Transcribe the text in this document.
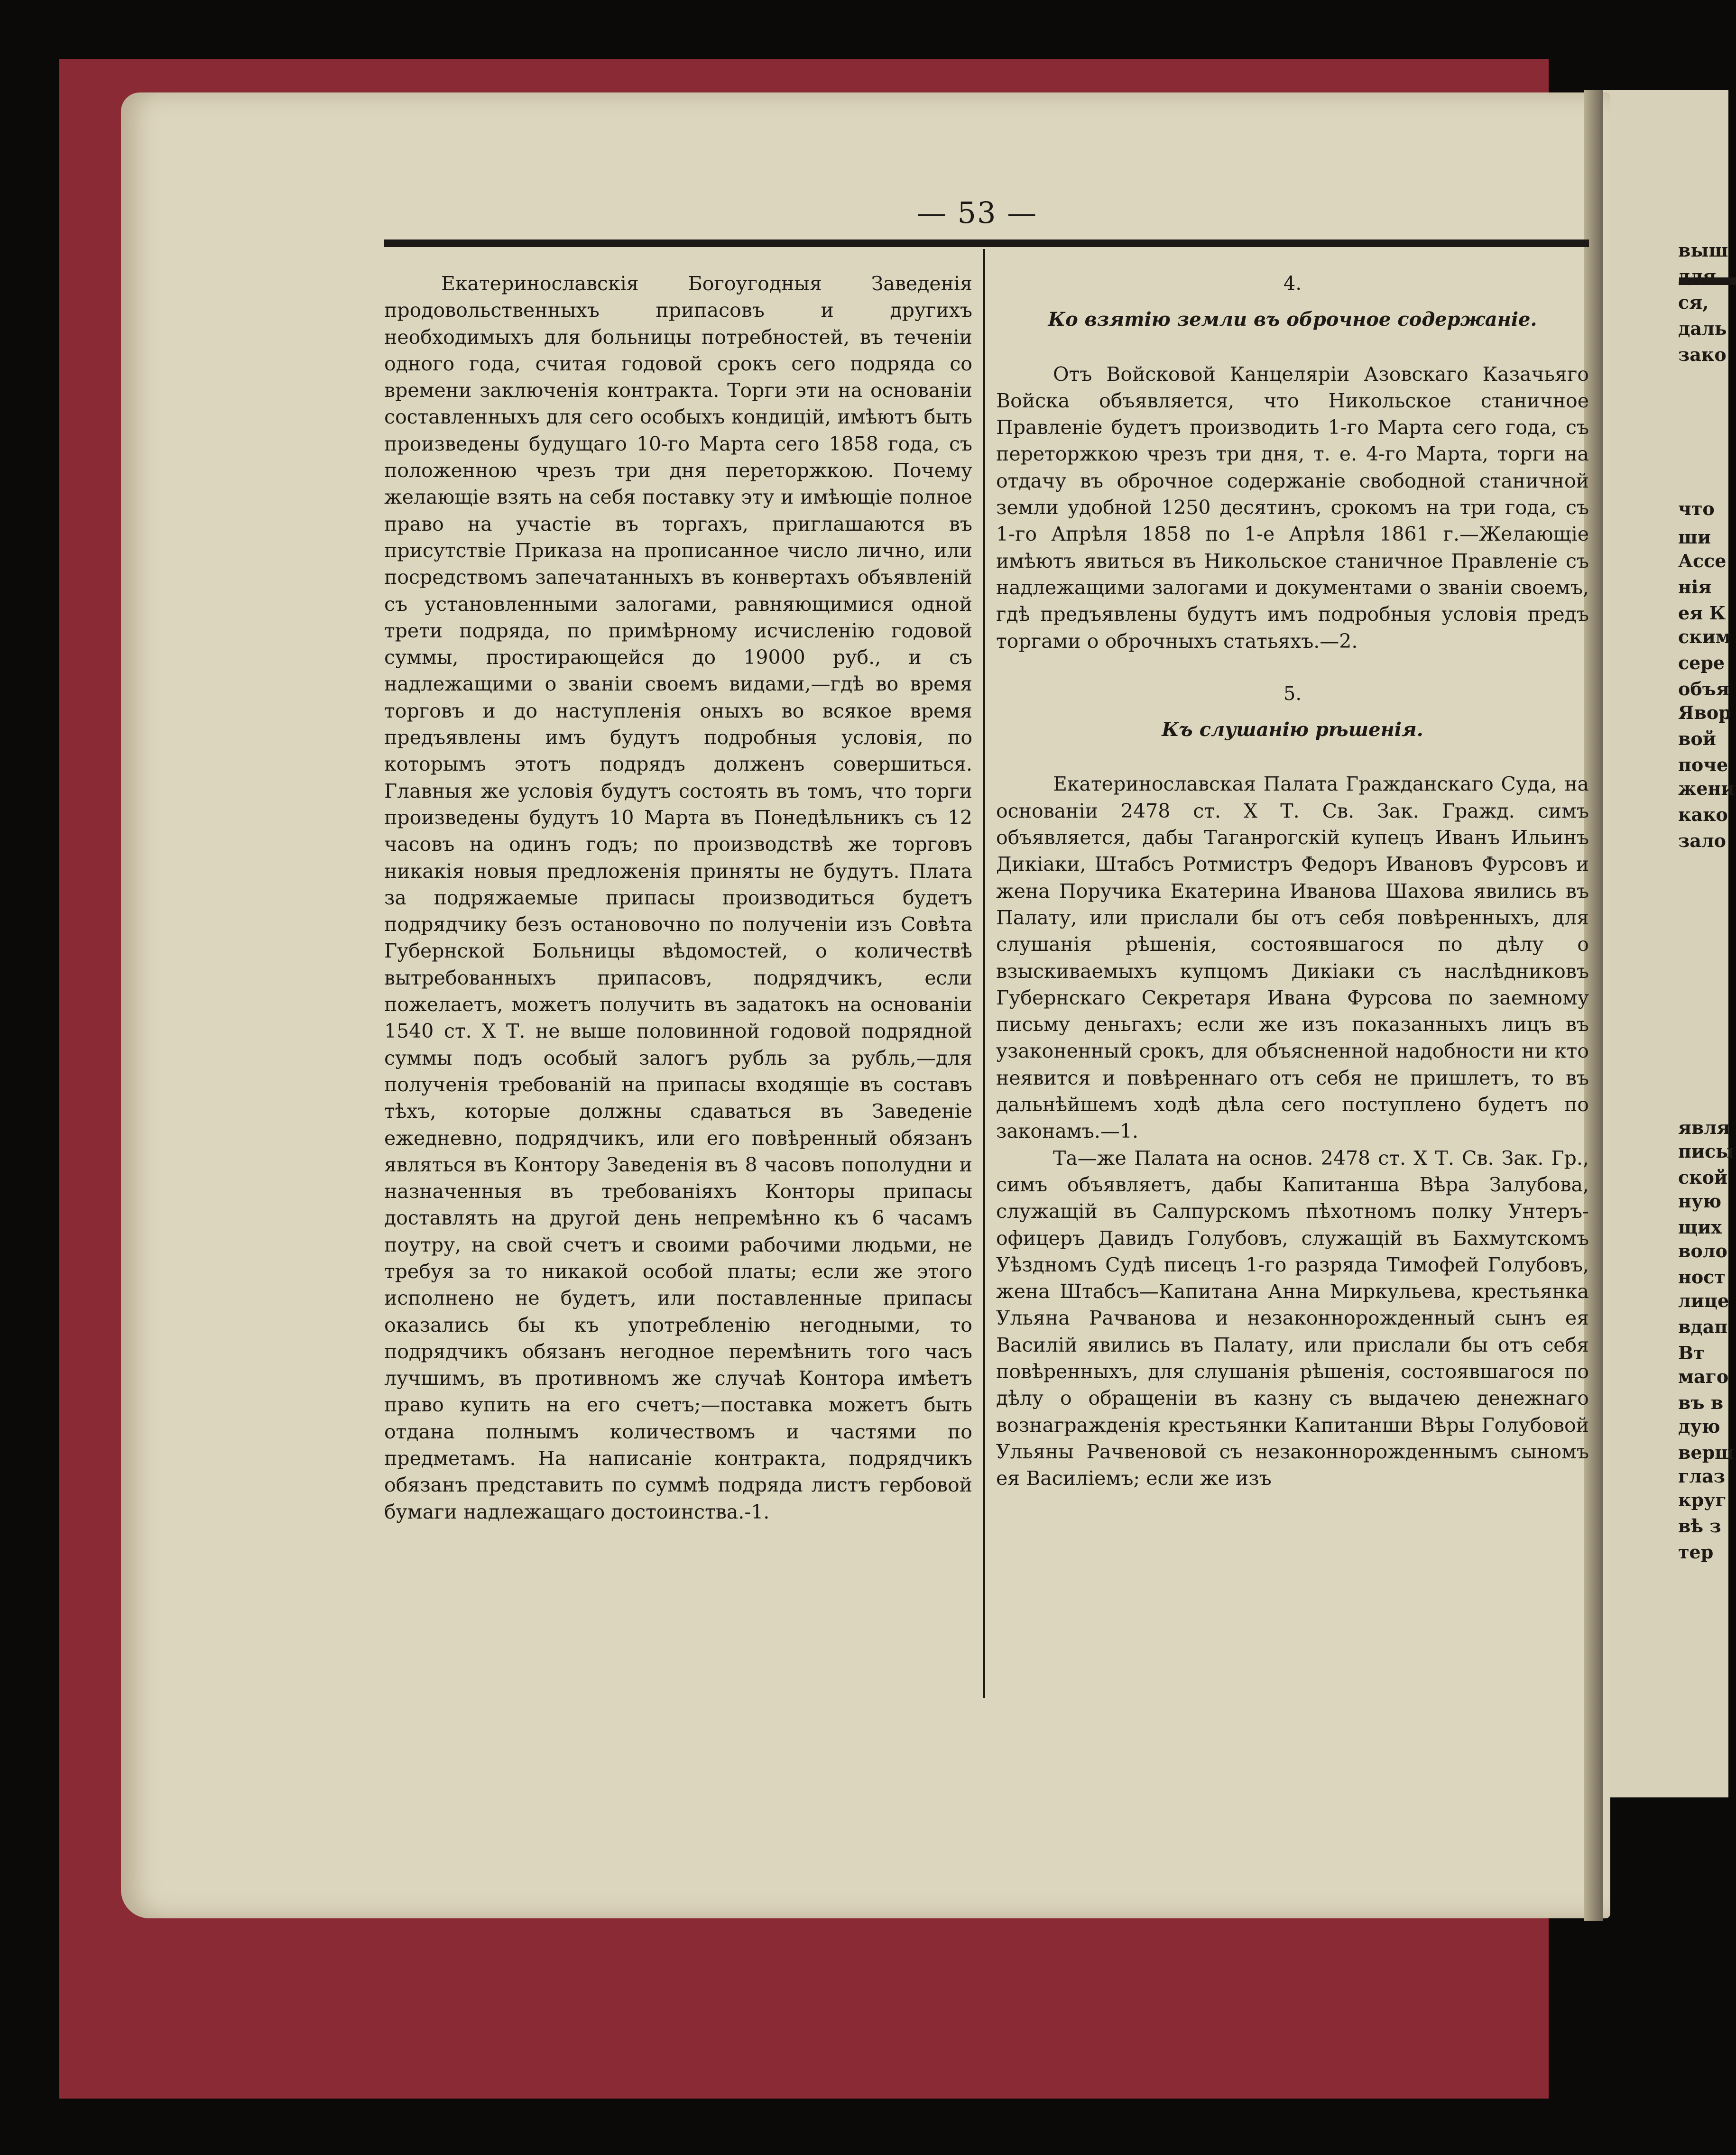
выш
для
ся,
даль
зако
что
ши
Ассе
нія
ея К
ским
сере
объя
Явор
вой
поче
жени
како
зало
явля
писы
ской
ную
щих
воло
ност
лице
вдап
Вт
маго
въ в
дую
верш
глаз
круг
вѣ з
тер
— 53 —

Екатеринославскія Богоугодныя Заведенія продовольственныхъ припасовъ и другихъ необходимыхъ для больницы потребностей, въ теченіи одного года, считая годовой срокъ сего подряда со времени заключенія контракта. Торги эти на основаніи составленныхъ для сего особыхъ кондицій, имѣютъ быть произведены будущаго 10-го Марта сего 1858 года, съ положенною чрезъ три дня переторжкою. Почему желающіе взять на себя поставку эту и имѣющіе полное право на участіе въ торгахъ, приглашаются въ присутствіе Приказа на прописанное число лично, или посредствомъ запечатанныхъ въ конвертахъ объявленій съ установленными залогами, равняющимися одной трети подряда, по примѣрному исчисленію годовой суммы, простирающейся до 19000 руб., и съ надлежащими о званіи своемъ видами,—гдѣ во время торговъ и до наступленія оныхъ во всякое время предъявлены имъ будутъ подробныя условія, по которымъ этотъ подрядъ долженъ совершиться. Главныя же условія будутъ состоять въ томъ, что торги произведены будутъ 10 Марта въ Понедѣльникъ съ 12 часовъ на одинъ годъ; по производствѣ же торговъ никакія новыя предложенія приняты не будутъ. Плата за подряжаемые припасы производиться будетъ подрядчику безъ остановочно по полученіи изъ Совѣта Губернской Больницы вѣдомостей, о количествѣ вытребованныхъ припасовъ, подрядчикъ, если пожелаетъ, можетъ получить въ задатокъ на основаніи 1540 ст. X Т. не выше половинной годовой подрядной суммы подъ особый залогъ рубль за рубль,—для полученія требованій на припасы входящіе въ составъ тѣхъ, которые должны сдаваться въ Заведеніе ежедневно, подрядчикъ, или его повѣренный обязанъ являться въ Контору Заведенія въ 8 часовъ пополудни и назначенныя въ требованіяхъ Конторы припасы доставлять на другой день непремѣнно къ 6 часамъ поутру, на свой счетъ и своими рабочими людьми, не требуя за то никакой особой платы; если же этого исполнено не будетъ, или поставленные припасы оказались бы къ употребленію негодными, то подрядчикъ обязанъ негодное перемѣнить того часъ лучшимъ, въ противномъ же случаѣ Контора имѣетъ право купить на его счетъ;—поставка можетъ быть отдана полнымъ количествомъ и частями по предметамъ. На написаніе контракта, подрядчикъ обязанъ представить по суммѣ подряда листъ гербовой бумаги надлежащаго достоинства.-1.

4.
Ко взятію земли въ оброчное содержаніе.

Отъ Войсковой Канцеляріи Азовскаго Казачьяго Войска объявляется, что Никольское станичное Правленіе будетъ производить 1-го Марта сего года, съ переторжкою чрезъ три дня, т. е. 4-го Марта, торги на отдачу въ оброчное содержаніе свободной станичной земли удобной 1250 десятинъ, срокомъ на три года, съ 1-го Апрѣля 1858 по 1-е Апрѣля 1861 г.—Желающіе имѣютъ явиться въ Никольское станичное Правленіе съ надлежащими залогами и документами о званіи своемъ, гдѣ предъявлены будутъ имъ подробныя условія предъ торгами о оброчныхъ статьяхъ.—2.

5.
Къ слушанію рѣшенія.

Екатеринославская Палата Гражданскаго Суда, на основаніи 2478 ст. X Т. Св. Зак. Гражд. симъ объявляется, дабы Таганрогскій купецъ Иванъ Ильинъ Дикіаки, Штабсъ Ротмистръ Федоръ Ивановъ Фурсовъ и жена Поручика Екатерина Иванова Шахова явились въ Палату, или прислали бы отъ себя повѣренныхъ, для слушанія рѣшенія, состоявшагося по дѣлу о взыскиваемыхъ купцомъ Дикіаки съ наслѣдниковъ Губернскаго Секретаря Ивана Фурсова по заемному письму деньгахъ; если же изъ показанныхъ лицъ въ узаконенный срокъ, для объясненной надобности ни кто неявится и повѣреннаго отъ себя не пришлетъ, то въ дальнѣйшемъ ходѣ дѣла сего поступлено будетъ по законамъ.—1.

Та—же Палата на основ. 2478 ст. X Т. Св. Зак. Гр., симъ объявляетъ, дабы Капитанша Вѣра Залубова, служащій въ Салпурскомъ пѣхотномъ полку Унтеръ-офицеръ Давидъ Голубовъ, служащій въ Бахмутскомъ Уѣздномъ Судѣ писецъ 1-го разряда Тимофей Голубовъ, жена Штабсъ—Капитана Анна Миркульева, крестьянка Ульяна Рачванова и незаконнорожденный сынъ ея Василій явились въ Палату, или прислали бы отъ себя повѣренныхъ, для слушанія рѣшенія, состоявшагося по дѣлу о обращеніи въ казну съ выдачею денежнаго вознагражденія крестьянки Капитанши Вѣры Голубовой Ульяны Рачвеновой съ незаконнорожденнымъ сыномъ ея Василіемъ; если же изъ
